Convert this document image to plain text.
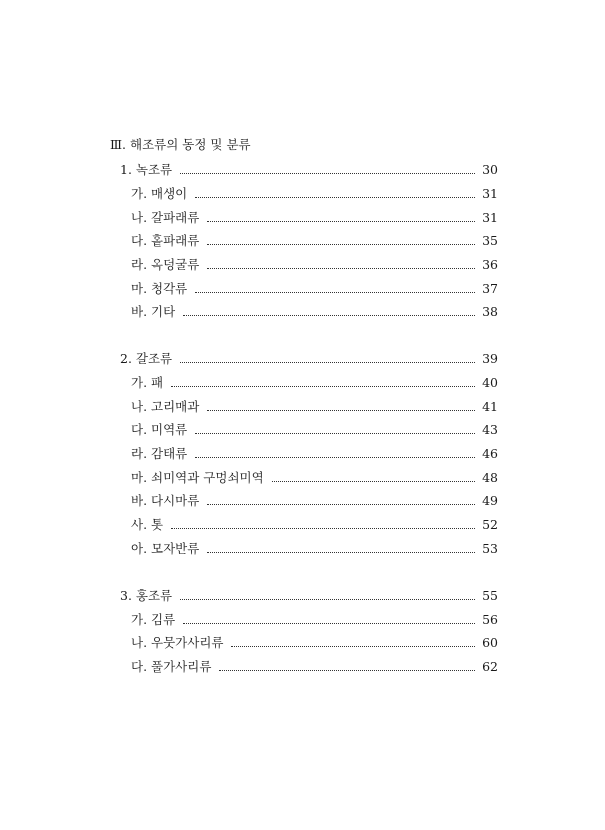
Ⅲ. 해조류의 동정 및 분류
1. 녹조류	30
가. 매생이	31
나. 갈파래류	31
다. 홑파래류	35
라. 옥덩굴류	36
마. 청각류	37
바. 기타	38
2. 갈조류	39
가. 패	40
나. 고리매과	41
다. 미역류	43
라. 감태류	46
마. 쇠미역과 구멍쇠미역	48
바. 다시마류	49
사. 톳	52
아. 모자반류	53
3. 홍조류	55
가. 김류	56
나. 우뭇가사리류	60
다. 풀가사리류	62
